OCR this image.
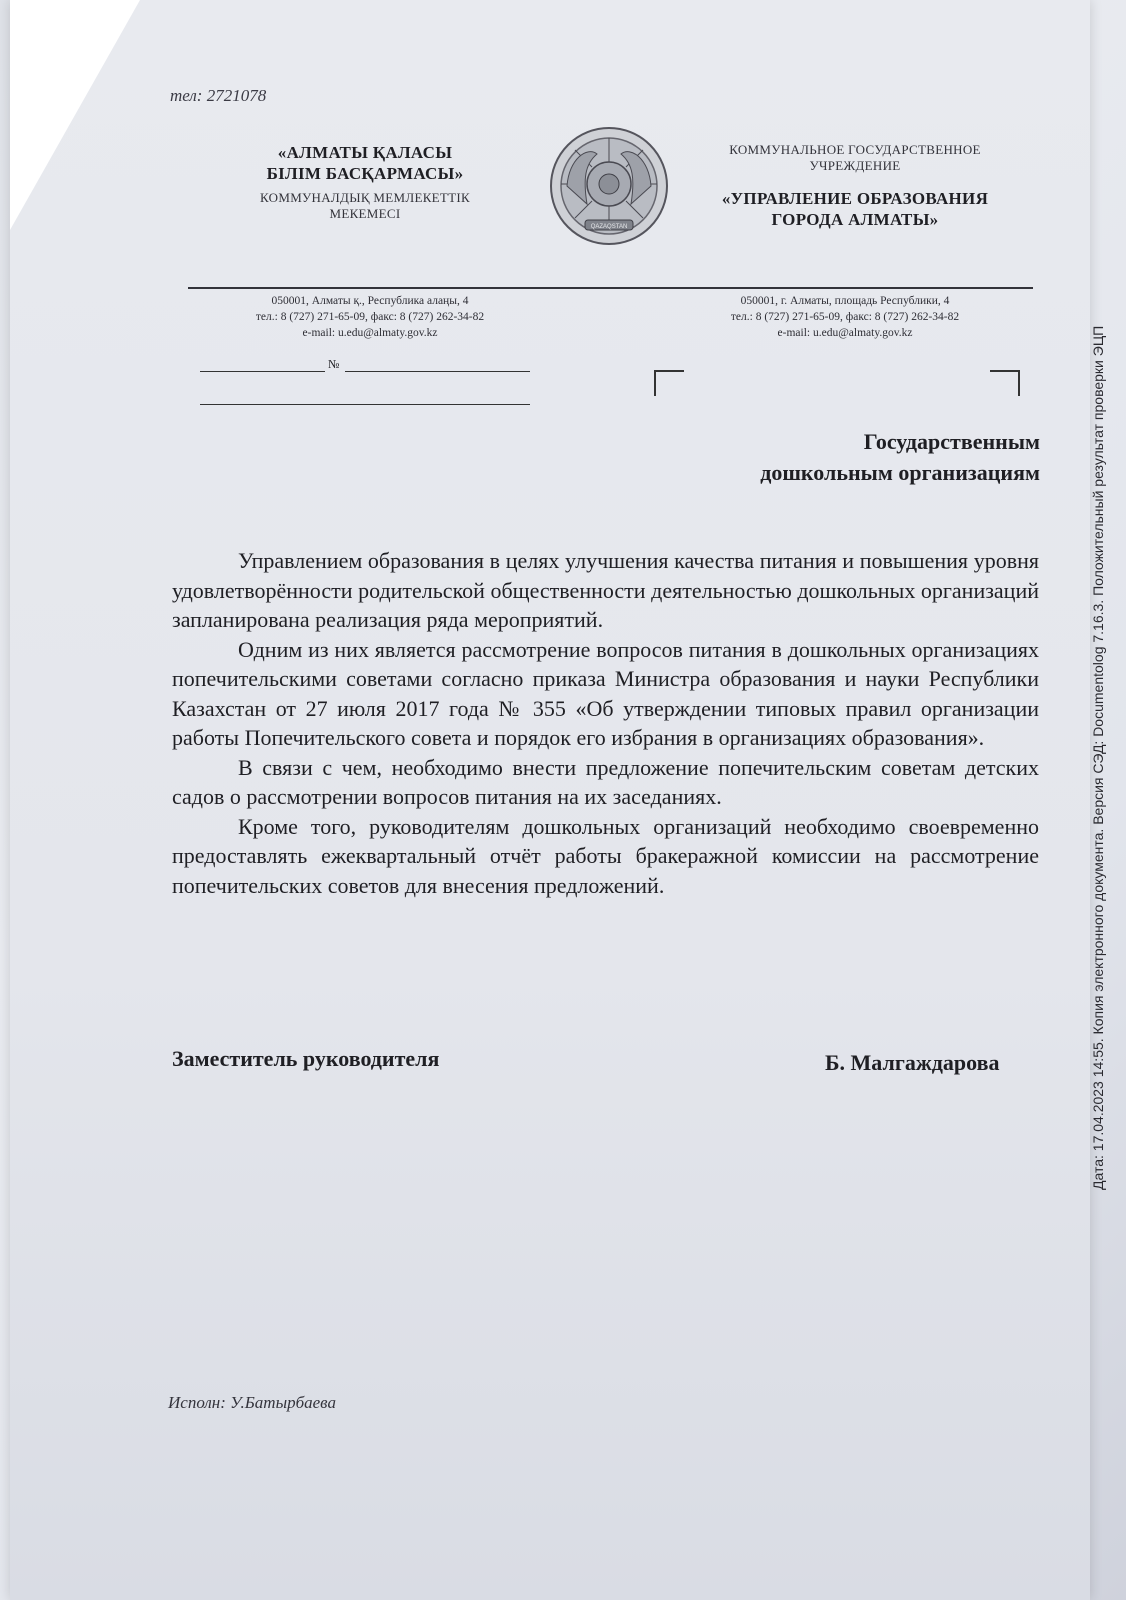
тел: 2721078
«АЛМАТЫ ҚАЛАСЫ
БІЛІМ БАСҚАРМАСЫ»
КОММУНАЛДЫҚ МЕМЛЕКЕТТІК
МЕКЕМЕСІ
QAZAQSTAN
КОММУНАЛЬНОЕ ГОСУДАРСТВЕННОЕ
УЧРЕЖДЕНИЕ
«УПРАВЛЕНИЕ ОБРАЗОВАНИЯ
ГОРОДА АЛМАТЫ»
050001, Алматы қ., Республика алаңы, 4
тел.: 8 (727) 271-65-09, факс: 8 (727) 262-34-82
e-mail: u.edu@almaty.gov.kz
050001, г. Алматы, площадь Республики, 4
тел.: 8 (727) 271-65-09, факс: 8 (727) 262-34-82
e-mail: u.edu@almaty.gov.kz
№
Государственным
дошкольным организациям

Управлением образования в целях улучшения качества питания и повышения уровня удовлетворённости родительской общественности деятельностью дошкольных организаций запланирована реализация ряда мероприятий.

Одним из них является рассмотрение вопросов питания в дошкольных организациях попечительскими советами согласно приказа Министра образования и науки Республики Казахстан от 27 июля 2017 года № 355 «Об утверждении типовых правил организации работы Попечительского совета и порядок его избрания в организациях образования».

В связи с чем, необходимо внести предложение попечительским советам детских садов о рассмотрении вопросов питания на их заседаниях.

Кроме того, руководителям дошкольных организаций необходимо своевременно предоставлять ежеквартальный отчёт работы бракеражной комиссии на рассмотрение попечительских советов для внесения предложений.

Заместитель руководителя	Б. Малгаждарова
Исполн: У.Батырбаева
Дата: 17.04.2023 14:55. Копия электронного документа. Версия СЭД: Documentolog 7.16.3. Положительный результат проверки ЭЦП
